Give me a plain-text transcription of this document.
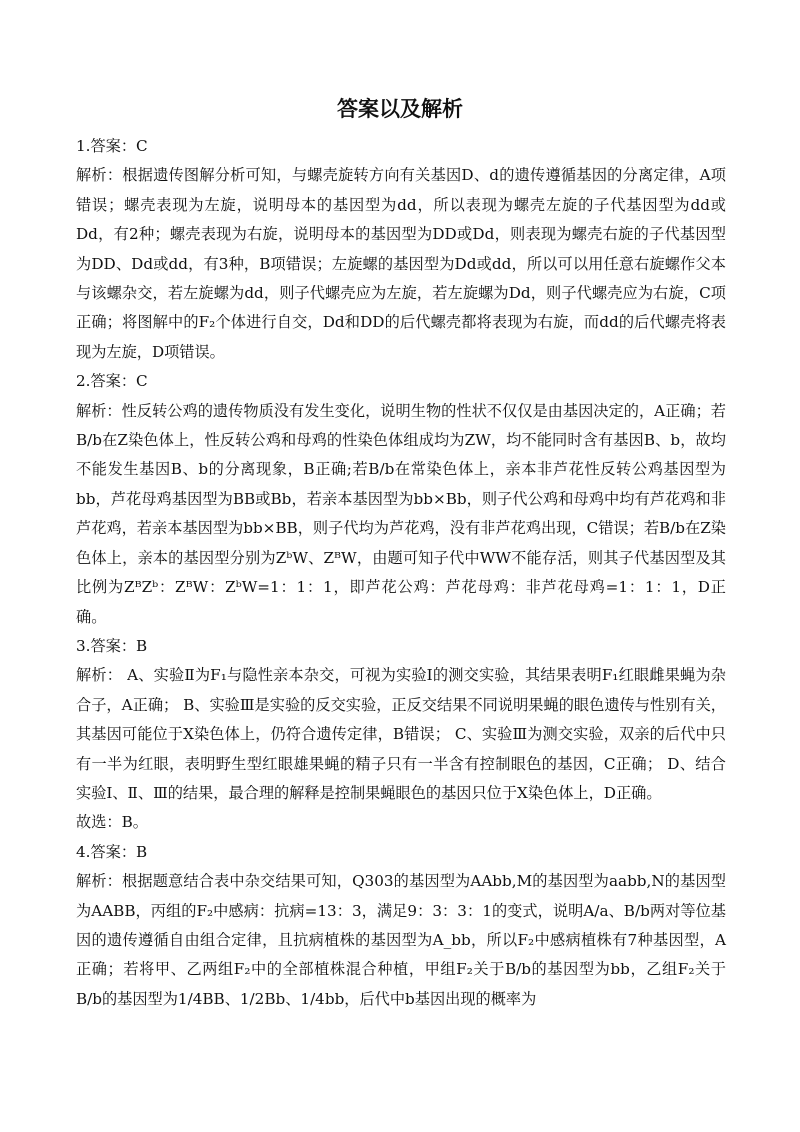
答案以及解析

1.答案：C

解析：根据遗传图解分析可知，与螺壳旋转方向有关基因D、d的遗传遵循基因的分离定律，A项错误；螺壳表现为左旋，说明母本的基因型为dd，所以表现为螺壳左旋的子代基因型为dd或Dd，有2种；螺壳表现为右旋，说明母本的基因型为DD或Dd，则表现为螺壳右旋的子代基因型为DD、Dd或dd，有3种，B项错误；左旋螺的基因型为Dd或dd，所以可以用任意右旋螺作父本与该螺杂交，若左旋螺为dd，则子代螺壳应为左旋，若左旋螺为Dd，则子代螺壳应为右旋，C项正确；将图解中的F₂个体进行自交，Dd和DD的后代螺壳都将表现为右旋，而dd的后代螺壳将表现为左旋，D项错误。

2.答案：C

解析：性反转公鸡的遗传物质没有发生变化，说明生物的性状不仅仅是由基因决定的，A正确；若B/b在Z染色体上，性反转公鸡和母鸡的性染色体组成均为ZW，均不能同时含有基因B、b，故均不能发生基因B、b的分离现象，B正确;若B/b在常染色体上，亲本非芦花性反转公鸡基因型为bb，芦花母鸡基因型为BB或Bb，若亲本基因型为bb×Bb，则子代公鸡和母鸡中均有芦花鸡和非芦花鸡，若亲本基因型为bb×BB，则子代均为芦花鸡，没有非芦花鸡出现，C错误；若B/b在Z染色体上，亲本的基因型分别为ZᵇW、ZᴮW，由题可知子代中WW不能存活，则其子代基因型及其比例为ZᴮZᵇ：ZᴮW：ZᵇW=1：1：1，即芦花公鸡：芦花母鸡：非芦花母鸡=1：1：1，D正确。

3.答案：B

解析： A、实验Ⅱ为F₁与隐性亲本杂交，可视为实验Ⅰ的测交实验，其结果表明F₁红眼雌果蝇为杂合子，A正确； B、实验Ⅲ是实验的反交实验，正反交结果不同说明果蝇的眼色遗传与性别有关，其基因可能位于X染色体上，仍符合遗传定律，B错误； C、实验Ⅲ为测交实验，双亲的后代中只有一半为红眼，表明野生型红眼雄果蝇的精子只有一半含有控制眼色的基因，C正确； D、结合实验Ⅰ、Ⅱ、Ⅲ的结果，最合理的解释是控制果蝇眼色的基因只位于X染色体上，D正确。

故选：B。

4.答案：B

解析：根据题意结合表中杂交结果可知，Q303的基因型为AAbb,M的基因型为aabb,N的基因型为AABB，丙组的F₂中感病：抗病=13：3，满足9：3：3：1的变式，说明A/a、B/b两对等位基因的遗传遵循自由组合定律，且抗病植株的基因型为A_bb，所以F₂中感病植株有7种基因型，A正确；若将甲、乙两组F₂中的全部植株混合种植，甲组F₂关于B/b的基因型为bb，乙组F₂关于B/b的基因型为1/4BB、1/2Bb、1/4bb，后代中b基因出现的概率为
